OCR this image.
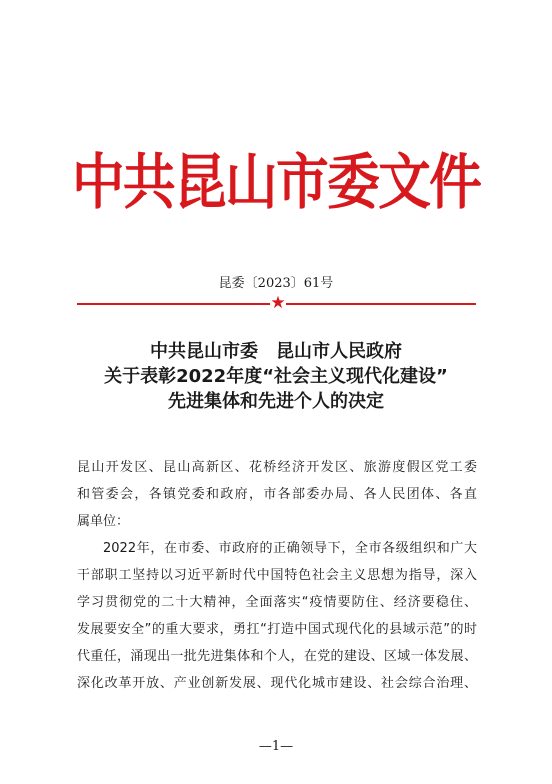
中共昆山市委文件
昆委〔2023〕61号
★
中共昆山市委　昆山市人民政府
关于表彰2022年度“社会主义现代化建设”
先进集体和先进个人的决定
昆山开发区、昆山高新区、花桥经济开发区、旅游度假区党工委
和管委会，各镇党委和政府，市各部委办局、各人民团体、各直
属单位：
2022年，在市委、市政府的正确领导下，全市各级组织和广大
干部职工坚持以习近平新时代中国特色社会主义思想为指导，深入
学习贯彻党的二十大精神，全面落实“疫情要防住、经济要稳住、
发展要安全”的重大要求，勇扛“打造中国式现代化的县域示范”的时
代重任，涌现出一批先进集体和个人，在党的建设、区域一体发展、
深化改革开放、产业创新发展、现代化城市建设、社会综合治理、
—1—
